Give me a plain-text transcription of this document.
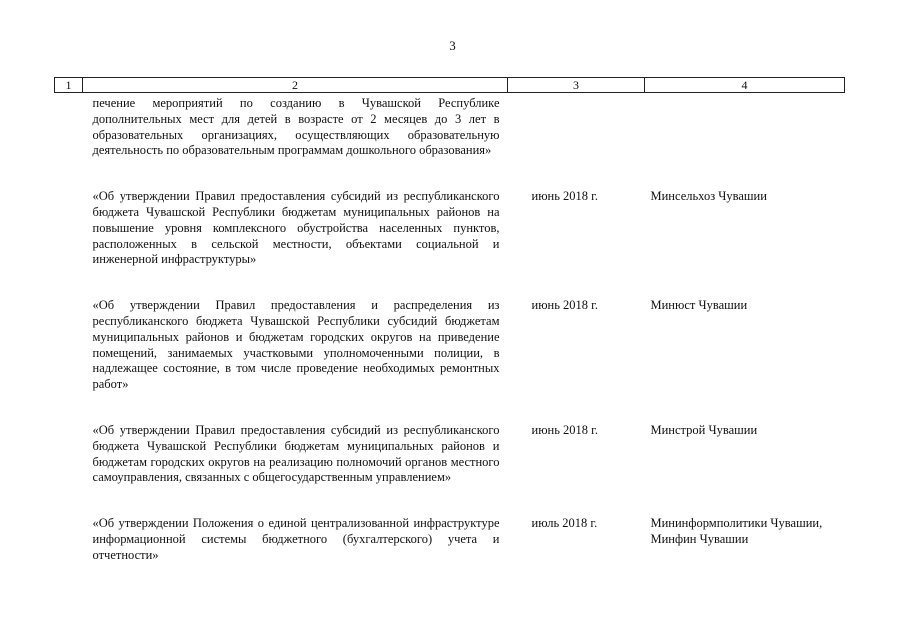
3
1	2	3	4

печение мероприятий по созданию в Чувашской Республике дополнительных мест для детей в возрасте от 2 месяцев до 3 лет в образовательных организациях, осуществляющих образовательную деятельность по образовательным программам дошкольного образования»			

«Об утверждении Правил предоставления субсидий из республиканского бюджета Чувашской Республики бюджетам муниципальных районов на повышение уровня комплексного обустройства населенных пунктов, расположенных в сельской местности, объектами социальной и инженерной инфраструктуры»		июнь 2018 г.	Минсельхоз Чувашии

«Об утверждении Правил предоставления и распределения из республиканского бюджета Чувашской Республики субсидий бюджетам муниципальных районов и бюджетам городских округов на приведение помещений, занимаемых участковыми уполномоченными полиции, в надлежащее состояние, в том числе проведение необходимых ремонтных работ»		июнь 2018 г.	Минюст Чувашии

«Об утверждении Правил предоставления субсидий из республиканского бюджета Чувашской Республики бюджетам муниципальных районов и бюджетам городских округов на реализацию полномочий органов местного самоуправления, связанных с общегосударственным управлением»		июнь 2018 г.	Минстрой Чувашии

«Об утверждении Положения о единой централизованной инфраструктуре информационной системы бюджетного (бухгалтерского) учета и отчетности»		июль 2018 г.	Мининформполитики Чувашии, Минфин Чувашии
